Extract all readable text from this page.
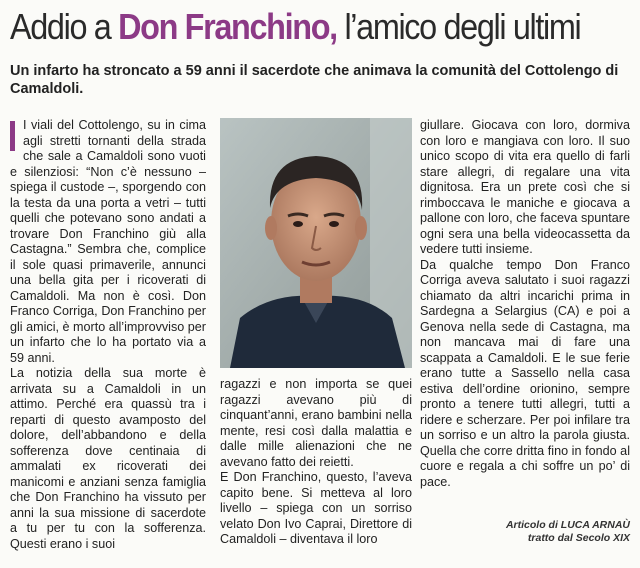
Addio a Don Franchino, l’amico degli ultimi
Un infarto ha stroncato a 59 anni il sacerdote che animava la comunità del Cottolengo di Camaldoli.

I viali del Cottolengo, su in cima agli stretti tornanti della strada che sale a Camaldoli sono vuoti e silenziosi: “Non c’è nessuno – spiega il custode –, sporgendo con la testa da una porta a vetri – tutti quelli che potevano sono andati a trovare Don Franchino giù alla Castagna.” Sembra che, complice il sole quasi primaverile, annunci una bella gita per i ricoverati di Camaldoli. Ma non è così. Don Franco Corriga, Don Franchino per gli amici, è morto all’improvviso per un infarto che lo ha portato via a 59 anni.

La notizia della sua morte è arrivata su a Camaldoli in un attimo. Perché era quassù tra i reparti di questo avamposto del dolore, dell’abbandono e della sofferenza dove centinaia di ammalati ex ricoverati dei manicomi e anziani senza famiglia che Don Franchino ha vissuto per anni la sua missione di sacerdote a tu per tu con la sofferenza. Questi erano i suoi

ragazzi e non importa se quei ragazzi avevano più di cinquant’anni, erano bambini nella mente, resi così dalla malattia e dalle mille alienazioni che ne avevano fatto dei reietti.

E Don Franchino, questo, l’aveva capito bene. Si metteva al loro livello – spiega con un sorriso velato Don Ivo Caprai, Direttore di Camaldoli – diventava il loro

giullare. Giocava con loro, dormiva con loro e mangiava con loro. Il suo unico scopo di vita era quello di farli stare allegri, di regalare una vita dignitosa. Era un prete così che si rimboccava le maniche e giocava a pallone con loro, che faceva spuntare ogni sera una bella videocassetta da vedere tutti insieme.

Da qualche tempo Don Franco Corriga aveva salutato i suoi ragazzi chiamato da altri incarichi prima in Sardegna a Selargius (CA) e poi a Genova nella sede di Castagna, ma non mancava mai di fare una scappata a Camaldoli. E le sue ferie erano tutte a Sassello nella casa estiva dell’ordine orionino, sempre pronto a tenere tutti allegri, tutti a ridere e scherzare. Per poi infilare tra un sorriso e un altro la parola giusta. Quella che corre dritta fino in fondo al cuore e regala a chi soffre un po’ di pace.

Articolo di LUCA ARNAÙ
tratto dal Secolo XIX
